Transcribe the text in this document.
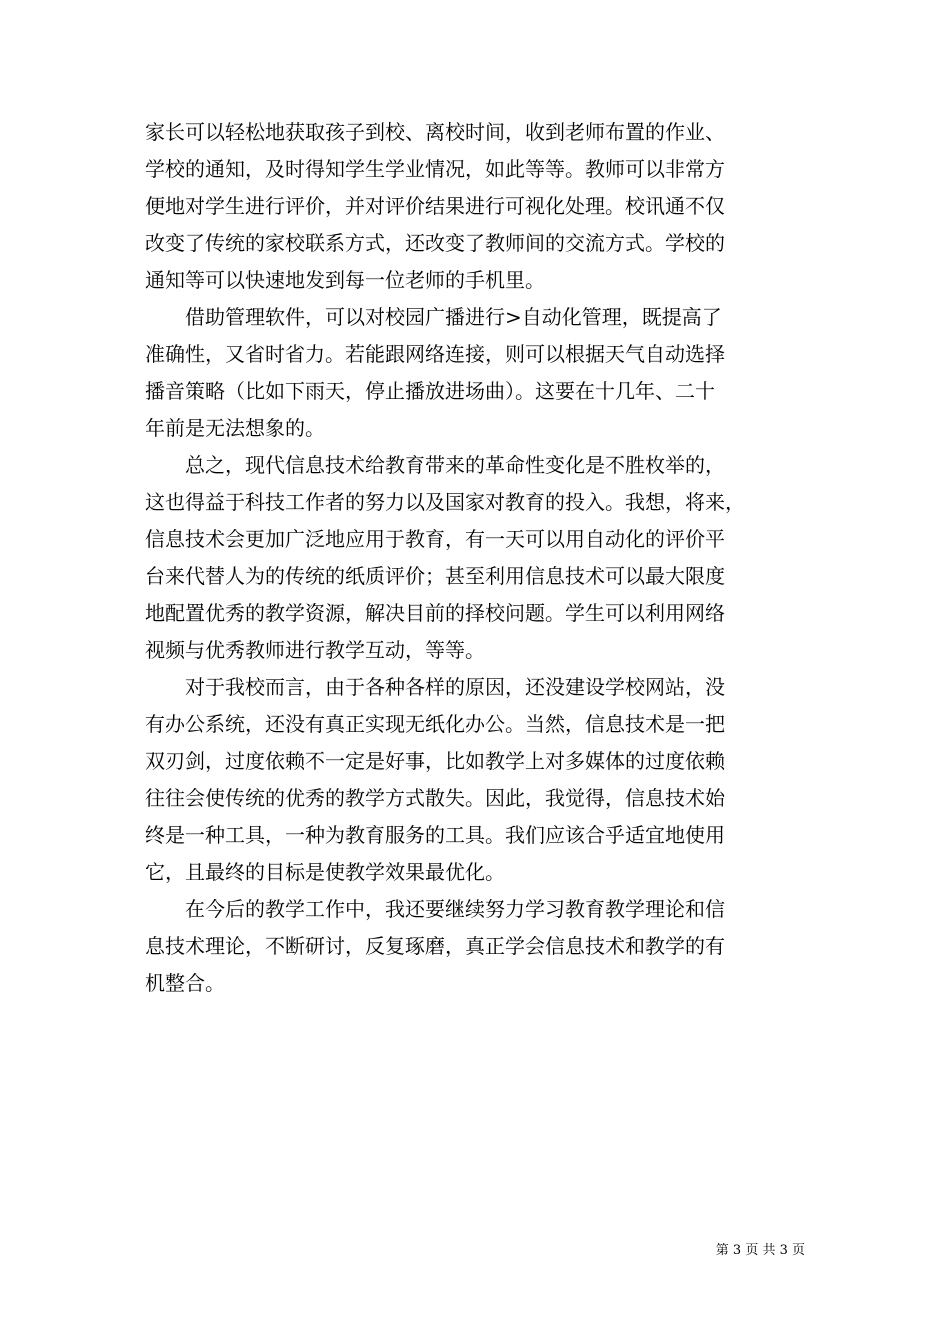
家长可以轻松地获取孩子到校、离校时间，收到老师布置的作业、
学校的通知，及时得知学生学业情况，如此等等。教师可以非常方
便地对学生进行评价，并对评价结果进行可视化处理。校讯通不仅
改变了传统的家校联系方式，还改变了教师间的交流方式。学校的
通知等可以快速地发到每一位老师的手机里。
借助管理软件，可以对校园广播进行>自动化管理，既提高了
准确性，又省时省力。若能跟网络连接，则可以根据天气自动选择
播音策略（比如下雨天，停止播放进场曲）。这要在十几年、二十
年前是无法想象的。
总之，现代信息技术给教育带来的革命性变化是不胜枚举的，
这也得益于科技工作者的努力以及国家对教育的投入。我想，将来，
信息技术会更加广泛地应用于教育，有一天可以用自动化的评价平
台来代替人为的传统的纸质评价；甚至利用信息技术可以最大限度
地配置优秀的教学资源，解决目前的择校问题。学生可以利用网络
视频与优秀教师进行教学互动，等等。
对于我校而言，由于各种各样的原因，还没建设学校网站，没
有办公系统，还没有真正实现无纸化办公。当然，信息技术是一把
双刃剑，过度依赖不一定是好事，比如教学上对多媒体的过度依赖
往往会使传统的优秀的教学方式散失。因此，我觉得，信息技术始
终是一种工具，一种为教育服务的工具。我们应该合乎适宜地使用
它，且最终的目标是使教学效果最优化。
在今后的教学工作中，我还要继续努力学习教育教学理论和信
息技术理论，不断研讨，反复琢磨，真正学会信息技术和教学的有
机整合。
第 3 页 共 3 页
